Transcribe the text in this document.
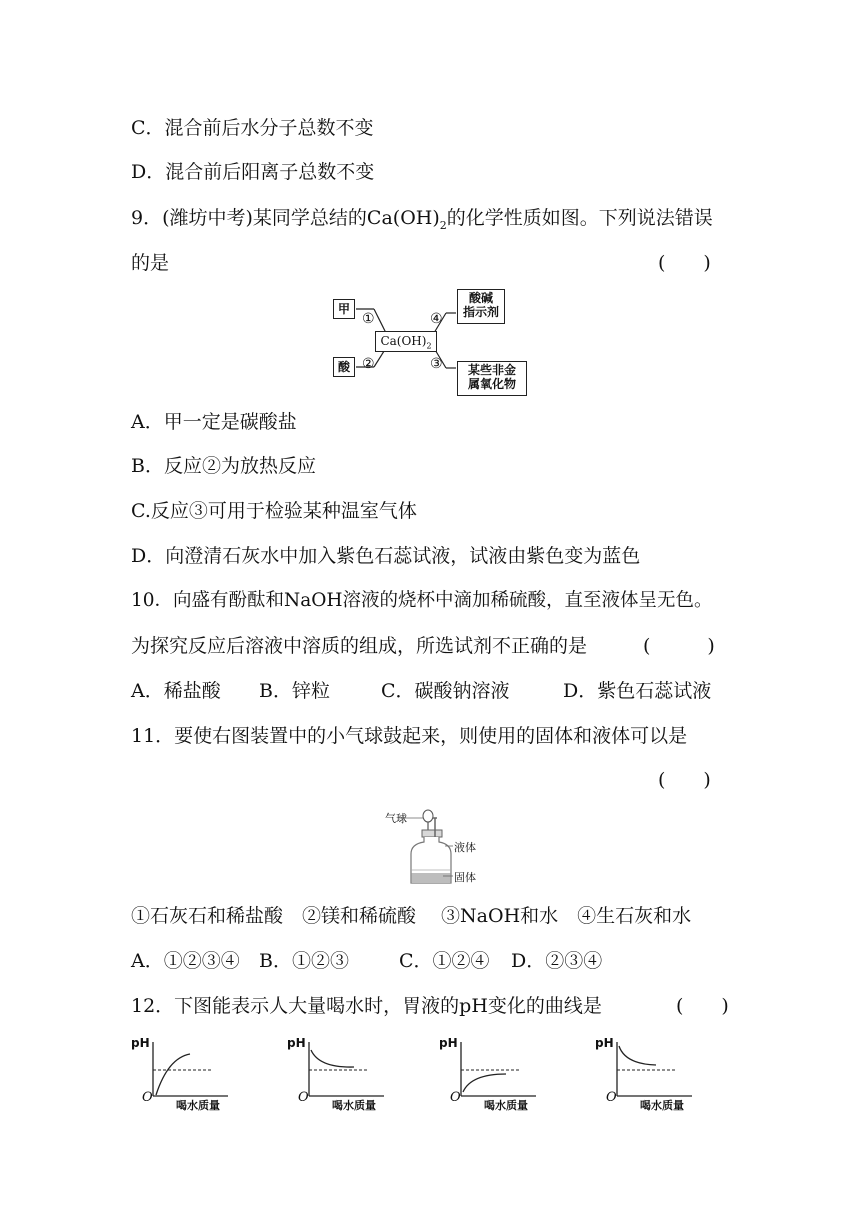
C．混合前后水分子总数不变
D．混合前后阳离子总数不变
9．(潍坊中考)某同学总结的$Ca(OH)_2$的化学性质如图。下列说法错误
的是	(　　)
甲
酸
$Ca(OH)_2$
酸碱
指示剂
某些非金
属氧化物
①
②	③
④
A．甲一定是碳酸盐
B．反应②为放热反应
C.反应③可用于检验某种温室气体
D．向澄清石灰水中加入紫色石蕊试液，试液由紫色变为蓝色
10．向盛有酚酞和NaOH溶液的烧杯中滴加稀硫酸，直至液体呈无色。
为探究反应后溶液中溶质的组成，所选试剂不正确的是	(　　　)
A．稀盐酸 B．锌粒	C．碳酸钠溶液	D．紫色石蕊试液
11．要使右图装置中的小气球鼓起来，则使用的固体和液体可以是
(　　)
气球
液体
固体
①石灰石和稀盐酸　②镁和稀硫酸　 ③NaOH和水　④生石灰和水
A．①②③④ B．①②③	C．①②④ D．②③④
12．下图能表示人大量喝水时，胃液的pH变化的曲线是	(　　)
pH
O
喝水质量
pH
O
喝水质量
pH
O
喝水质量
pH
O
喝水质量
